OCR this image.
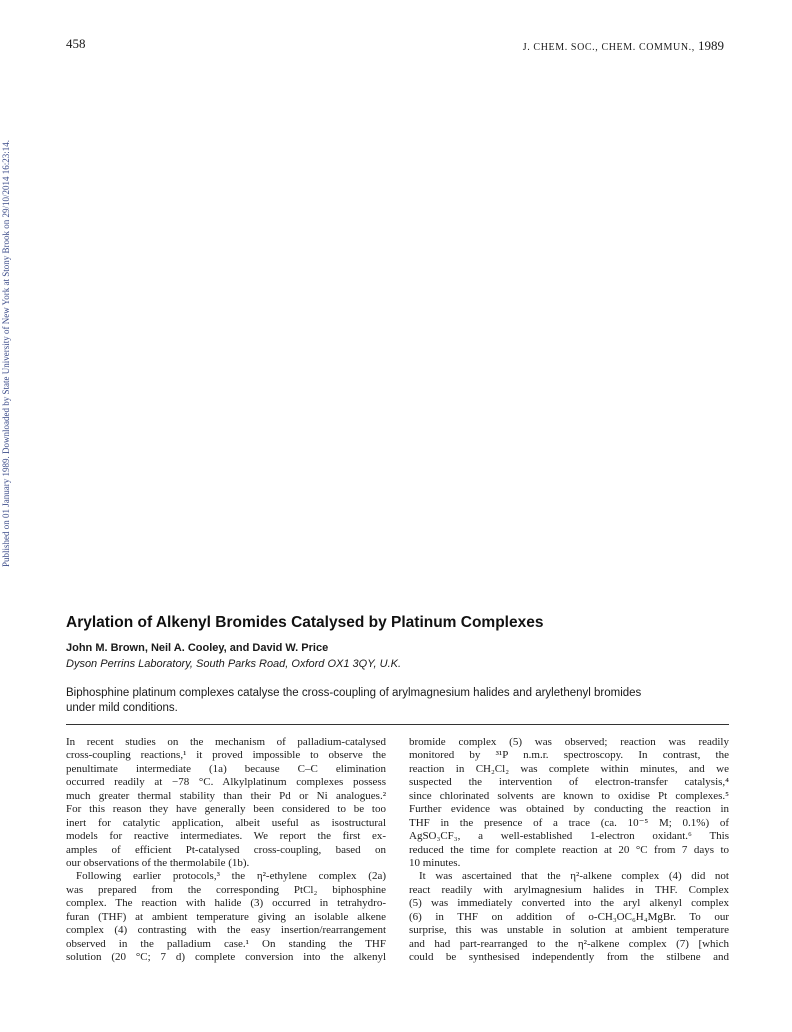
458	J. CHEM. SOC., CHEM. COMMUN., 1989
Published on 01 January 1989. Downloaded by State University of New York at Stony Brook on 29/10/2014 16:23:14.
Arylation of Alkenyl Bromides Catalysed by Platinum Complexes
John M. Brown, Neil A. Cooley, and David W. Price
Dyson Perrins Laboratory, South Parks Road, Oxford OX1 3QY, U.K.
Biphosphine platinum complexes catalyse the cross-coupling of arylmagnesium halides and arylethenyl bromides
under mild conditions.
In recent studies on the mechanism of palladium-catalysed
cross-coupling reactions,¹ it proved impossible to observe the
penultimate intermediate (1a) because C–C elimination
occurred readily at −78 °C. Alkylplatinum complexes possess
much greater thermal stability than their Pd or Ni analogues.²
For this reason they have generally been considered to be too
inert for catalytic application, albeit useful as isostructural
models for reactive intermediates. We report the first ex-
amples of efficient Pt-catalysed cross-coupling, based on
our observations of the thermolabile (1b).
Following earlier protocols,³ the η²-ethylene complex (2a)
was prepared from the corresponding PtCl₂ biphosphine
complex. The reaction with halide (3) occurred in tetrahydro-
furan (THF) at ambient temperature giving an isolable alkene
complex (4) contrasting with the easy insertion/rearrangement
observed in the palladium case.¹ On standing the THF
solution (20 °C; 7 d) complete conversion into the alkenyl
bromide complex (5) was observed; reaction was readily
monitored by ³¹P n.m.r. spectroscopy. In contrast, the
reaction in CH₂Cl₂ was complete within minutes, and we
suspected the intervention of electron-transfer catalysis,⁴
since chlorinated solvents are known to oxidise Pt complexes.⁵
Further evidence was obtained by conducting the reaction in
THF in the presence of a trace (ca. 10⁻⁵ M; 0.1%) of
AgSO₃CF₃, a well-established 1-electron oxidant.⁶ This
reduced the time for complete reaction at 20 °C from 7 days to
10 minutes.
It was ascertained that the η²-alkene complex (4) did not
react readily with arylmagnesium halides in THF. Complex
(5) was immediately converted into the aryl alkenyl complex
(6) in THF on addition of o-CH₃OC₆H₄MgBr. To our
surprise, this was unstable in solution at ambient temperature
and had part-rearranged to the η²-alkene complex (7) [which
could be synthesised independently from the stilbene and
